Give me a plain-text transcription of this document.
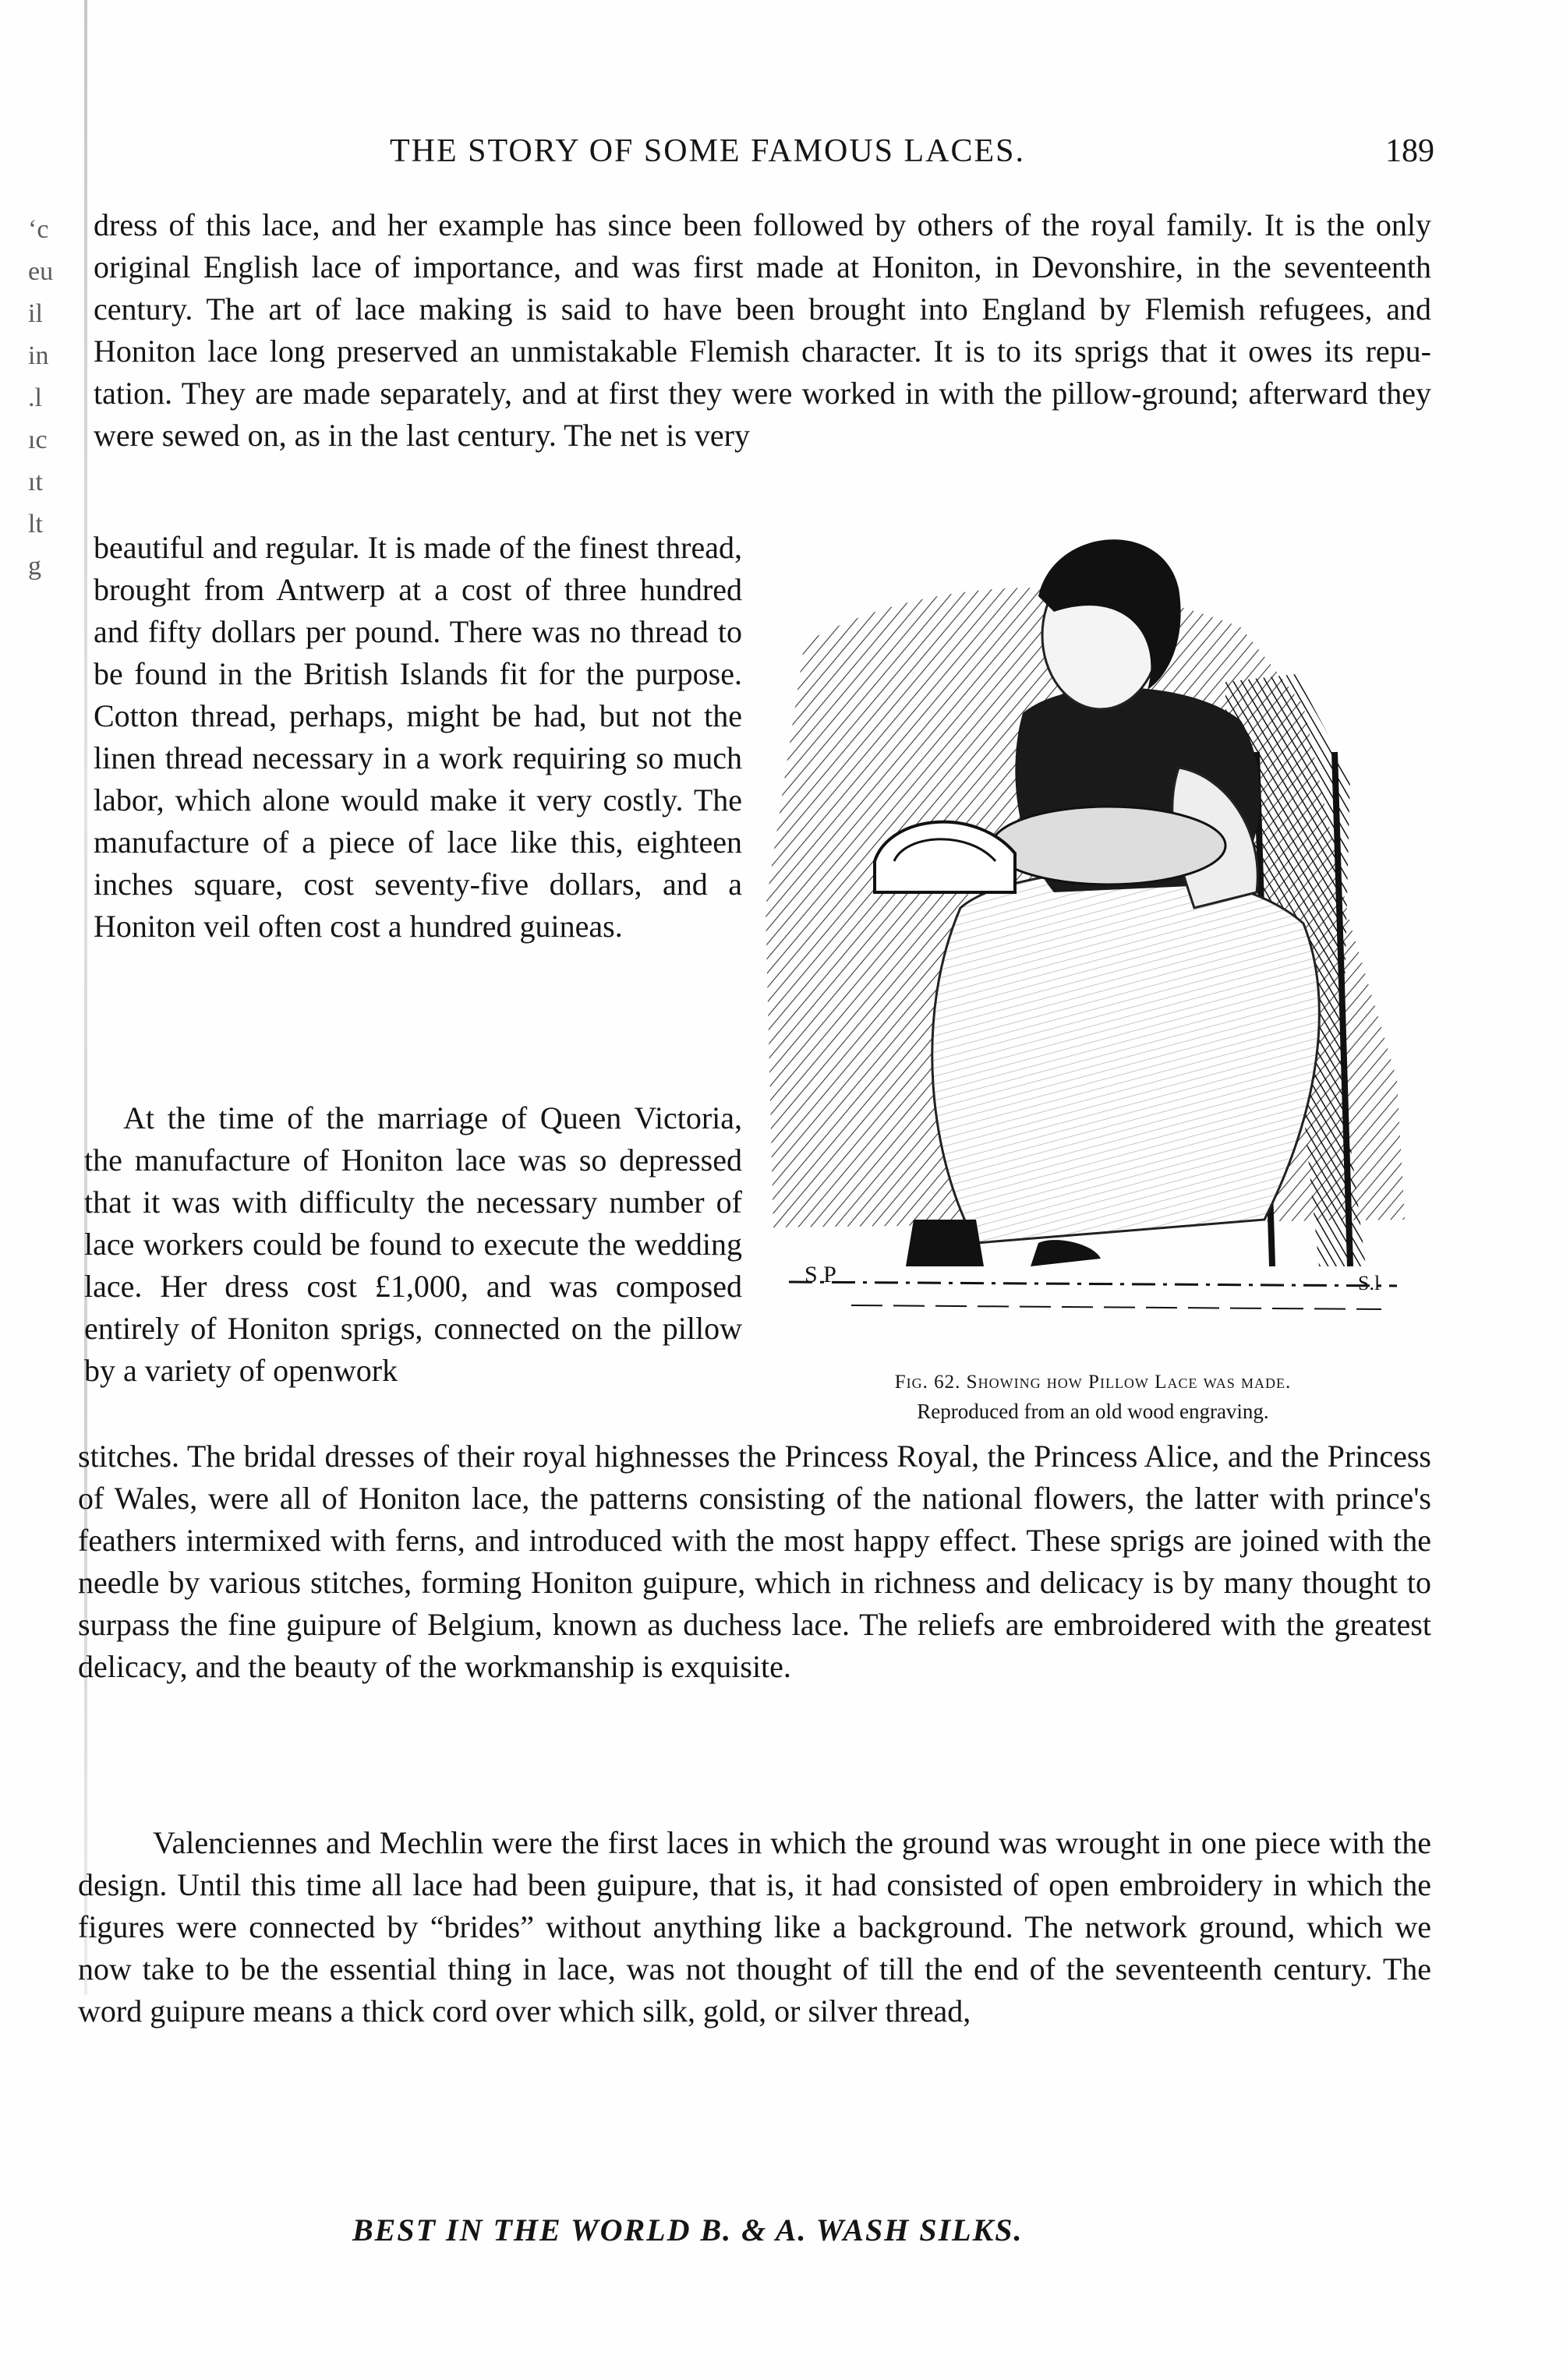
ʻc
eu
il
in
.l
ıc
ıt
lt
g
THE STORY OF SOME FAMOUS LACES.	189
dress of this lace, and her example has since been followed by others of the royal family. It is the only original English lace of importance, and was first made at Honiton, in Devonshire, in the seventeenth century. The art of lace making is said to have been brought into England by Flemish refugees, and Honiton lace long preserved an unmistakable Flemish character. It is to its sprigs that it owes its reputation. They are made separately, and at first they were worked in with the pillow-ground; afterward they were sewed on, as in the last century. The net is very
beautiful and regular. It is made of the finest thread, brought from Antwerp at a cost of three hundred and fifty dollars per pound. There was no thread to be found in the British Islands fit for the purpose. Cotton thread, perhaps, might be had, but not the linen thread necessary in a work requiring so much labor, which alone would make it very costly. The manufacture of a piece of lace like this, eighteen inches square, cost seventy-five dollars, and a Honiton veil often cost a hundred guineas.
At the time of the marriage of Queen Victoria, the manufacture of Honiton lace was so depressed that it was with difficulty the necessary number of lace workers could be found to execute the wedding lace. Her dress cost £1,000, and was composed entirely of Honiton sprigs, connected on the pillow by a variety of openwork
stitches. The bridal dresses of their royal highnesses the Princess Royal, the Princess Alice, and the Princess of Wales, were all of Honiton lace, the patterns consisting of the national flowers, the latter with prince's feathers intermixed with ferns, and introduced with the most happy effect. These sprigs are joined with the needle by various stitches, forming Honiton guipure, which in richness and delicacy is by many thought to surpass the fine guipure of Belgium, known as duchess lace. The reliefs are embroidered with the greatest delicacy, and the beauty of the workmanship is exquisite.
Valenciennes and Mechlin were the first laces in which the ground was wrought in one piece with the design. Until this time all lace had been guipure, that is, it had consisted of open embroidery in which the figures were connected by “brides” without anything like a background. The network ground, which we now take to be the essential thing in lace, was not thought of till the end of the seventeenth century. The word guipure means a thick cord over which silk, gold, or silver thread,
S P	S.l
Fig. 62. Showing how Pillow Lace was made.
Reproduced from an old wood engraving.
BEST IN THE WORLD B. & A. WASH SILKS.
